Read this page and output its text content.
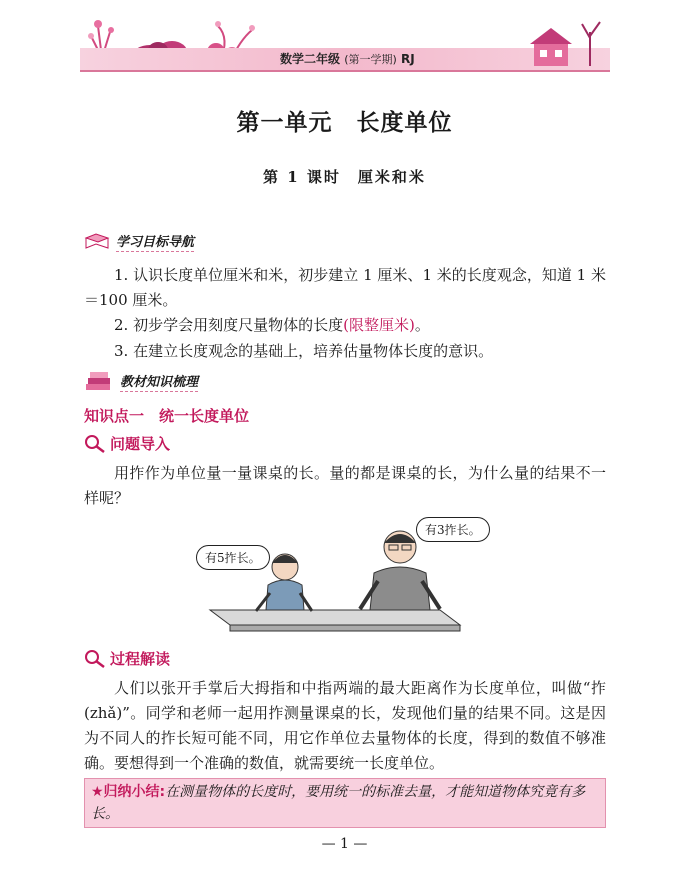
数学二年级 (第一学期) RJ
第一单元　长度单位
第 1 课时　厘米和米
学习目标导航
1. 认识长度单位厘米和米，初步建立 1 厘米、1 米的长度观念，知道 1 米＝100 厘米。
2. 初步学会用刻度尺量物体的长度(限整厘米)。
3. 在建立长度观念的基础上，培养估量物体长度的意识。
教材知识梳理
知识点一　统一长度单位
问题导入
用拃作为单位量一量课桌的长。量的都是课桌的长，为什么量的结果不一样呢？
有5拃长。
有3拃长。
过程解读
人们以张开手掌后大拇指和中指两端的最大距离作为长度单位，叫做“拃(zhǎ)”。同学和老师一起用拃测量课桌的长，发现他们量的结果不同。这是因为不同人的拃长短可能不同，用它作单位去量物体的长度，得到的数值不够准确。要想得到一个准确的数值，就需要统一长度单位。
★归纳小结:在测量物体的长度时，要用统一的标准去量，才能知道物体究竟有多长。
— 1 —
